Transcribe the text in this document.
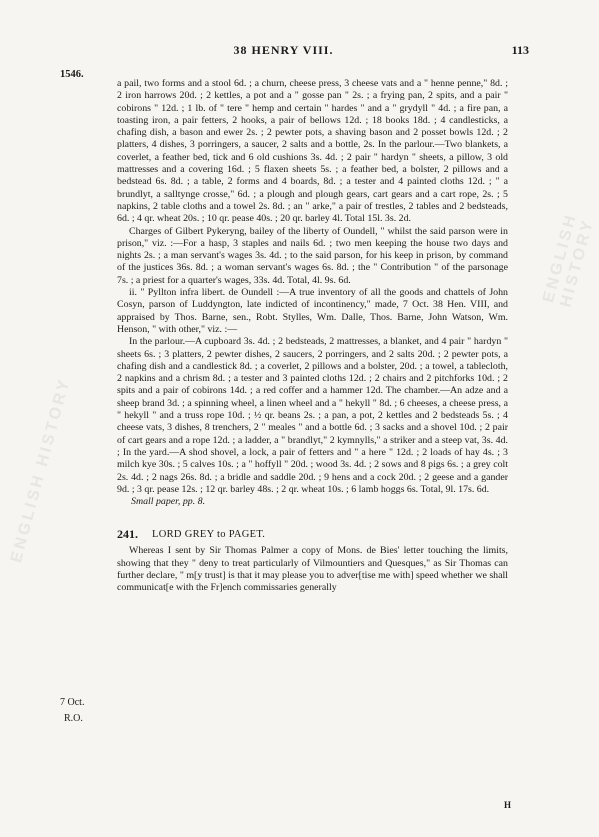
ENGLISH HISTORY
ENGLISH HISTORY
38 HENRY VIII.	113
1546.
7 Oct.
R.O.

a pail, two forms and a stool 6d. ; a churn, cheese press, 3 cheese vats and a " henne penne," 8d. ; 2 iron harrows 20d. ; 2 kettles, a pot and a " gosse pan " 2s. ; a frying pan, 2 spits, and a pair " cobirons " 12d. ; 1 lb. of " tere " hemp and certain " hardes " and a " grydyll " 4d. ; a fire pan, a toasting iron, a pair fetters, 2 hooks, a pair of bellows 12d. ; 18 books 18d. ; 4 candlesticks, a chafing dish, a bason and ewer 2s. ; 2 pewter pots, a shaving bason and 2 posset bowls 12d. ; 2 platters, 4 dishes, 3 porringers, a saucer, 2 salts and a bottle, 2s. In the parlour.—Two blankets, a coverlet, a feather bed, tick and 6 old cushions 3s. 4d. ; 2 pair " hardyn " sheets, a pillow, 3 old mattresses and a covering 16d. ; 5 flaxen sheets 5s. ; a feather bed, a bolster, 2 pillows and a bedstead 6s. 8d. ; a table, 2 forms and 4 boards, 8d. ; a tester and 4 painted cloths 12d. ; " a brundlyt, a salltynge crosse," 6d. ; a plough and plough gears, cart gears and a cart rope, 2s. ; 5 napkins, 2 table cloths and a towel 2s. 8d. ; an " arke," a pair of trestles, 2 tables and 2 bedsteads, 6d. ; 4 qr. wheat 20s. ; 10 qr. pease 40s. ; 20 qr. barley 4l. Total 15l. 3s. 2d.

Charges of Gilbert Pykeryng, bailey of the liberty of Oundell, " whilst the said parson were in prison," viz. :—For a hasp, 3 staples and nails 6d. ; two men keeping the house two days and nights 2s. ; a man servant's wages 3s. 4d. ; to the said parson, for his keep in prison, by command of the justices 36s. 8d. ; a woman servant's wages 6s. 8d. ; the " Contribution " of the parsonage 7s. ; a priest for a quarter's wages, 33s. 4d. Total, 4l. 9s. 6d.

ii. " Pyllton infra libert. de Oundell :—A true inventory of all the goods and chattels of John Cosyn, parson of Luddyngton, late indicted of incontinency," made, 7 Oct. 38 Hen. VIII, and appraised by Thos. Barne, sen., Robt. Stylles, Wm. Dalle, Thos. Barne, John Watson, Wm. Henson, " with other," viz. :—

In the parlour.—A cupboard 3s. 4d. ; 2 bedsteads, 2 mattresses, a blanket, and 4 pair " hardyn " sheets 6s. ; 3 platters, 2 pewter dishes, 2 saucers, 2 porringers, and 2 salts 20d. ; 2 pewter pots, a chafing dish and a candlestick 8d. ; a coverlet, 2 pillows and a bolster, 20d. ; a towel, a tablecloth, 2 napkins and a chrism 8d. ; a tester and 3 painted cloths 12d. ; 2 chairs and 2 pitchforks 10d. ; 2 spits and a pair of cobirons 14d. ; a red coffer and a hammer 12d. The chamber.—An adze and a sheep brand 3d. ; a spinning wheel, a linen wheel and a " hekyll " 8d. ; 6 cheeses, a cheese press, a " hekyll " and a truss rope 10d. ; ½ qr. beans 2s. ; a pan, a pot, 2 kettles and 2 bedsteads 5s. ; 4 cheese vats, 3 dishes, 8 trenchers, 2 " meales " and a bottle 6d. ; 3 sacks and a shovel 10d. ; 2 pair of cart gears and a rope 12d. ; a ladder, a " brandlyt," 2 kymnylls," a striker and a steep vat, 3s. 4d. ; In the yard.—A shod shovel, a lock, a pair of fetters and " a here " 12d. ; 2 loads of hay 4s. ; 3 milch kye 30s. ; 5 calves 10s. ; a " hoffyll " 20d. ; wood 3s. 4d. ; 2 sows and 8 pigs 6s. ; a grey colt 2s. 4d. ; 2 nags 26s. 8d. ; a bridle and saddle 20d. ; 9 hens and a cock 20d. ; 2 geese and a gander 9d. ; 3 qr. pease 12s. ; 12 qr. barley 48s. ; 2 qr. wheat 10s. ; 6 lamb hoggs 6s. Total, 9l. 17s. 6d.

Small paper, pp. 8.

241. LORD GREY to PAGET.

Whereas I sent by Sir Thomas Palmer a copy of Mons. de Bies' letter touching the limits, showing that they " deny to treat particularly of Vilmountiers and Quesques," as Sir Thomas can further declare, " m[y trust] is that it may please you to adver[tise me with] speed whether we shall communicat[e with the Fr]ench commissaries generally

H
